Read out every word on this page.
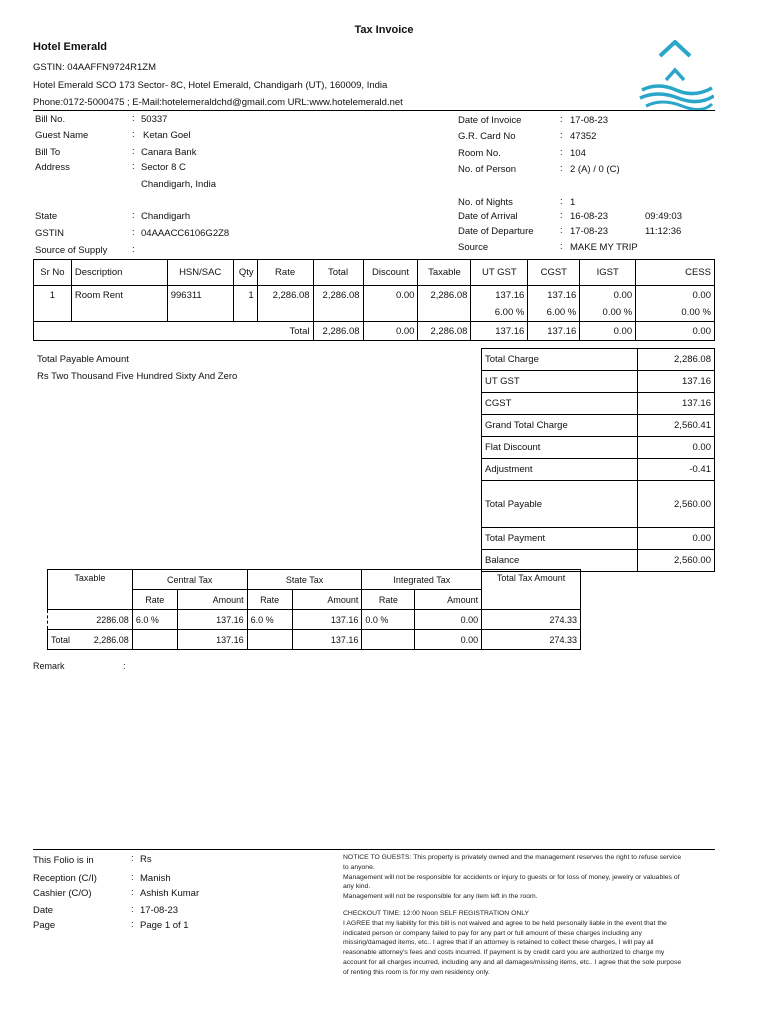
Tax Invoice
Hotel Emerald
GSTIN: 04AAFFN9724R1ZM
Hotel Emerald SCO 173 Sector- 8C, Hotel Emerald, Chandigarh (UT), 160009, India
Phone:0172-5000475 ; E-Mail:hotelemeraldchd@gmail.com URL:www.hotelemerald.net
Bill No.	: 50337
Guest Name	: Ketan Goel
Bill To	: Canara Bank
Address	: Sector 8 C
Chandigarh, India
State	: Chandigarh
GSTIN	: 04AAACC6106G2Z8
Source of Supply	:
Date of Invoice	: 17-08-23
G.R. Card No	: 47352
Room No.	: 104
No. of Person	: 2 (A) / 0 (C)
No. of Nights	: 1
Date of Arrival	: 16-08-23	09:49:03
Date of Departure	: 17-08-23	11:12:36
Source	: MAKE MY TRIP
Sr No	Description	HSN/SAC	Qty	Rate	Total	Discount	Taxable	UT GST	CGST	IGST	CESS
1	Room Rent	996311	1	2,286.08	2,286.08	0.00	2,286.08	137.16	137.16	0.00	0.00
								6.00 %	6.00 %	0.00 %	0.00 %
Total					2,286.08	0.00	2,286.08	137.16	137.16	0.00	0.00
Total Payable Amount
Rs Two Thousand Five Hundred Sixty And Zero
Total Charge	2,286.08
UT GST	137.16
CGST	137.16
Grand Total Charge	2,560.41
Flat Discount	0.00
Adjustment	-0.41
Total Payable	2,560.00
Total Payment	0.00
Balance	2,560.00
Taxable	Central Tax		State Tax		Integrated Tax		Total Tax Amount
	Rate	Amount	Rate	Amount	Rate	Amount	
2286.08	6.0 %	137.16	6.0 %	137.16	0.0 %	0.00	274.33
Total 2,286.08		137.16		137.16		0.00	274.33
Remark	:
This Folio is in	: Rs
Reception (C/I)	: Manish
Cashier (C/O)	: Ashish Kumar
Date	: 17-08-23
Page	: Page 1 of 1

NOTICE TO GUESTS: This property is privately owned and the management reserves the right to refuse service to anyone.

Management will not be responsible for accidents or injury to guests or for loss of money, jewelry or valuables of any kind.

Management will not be responsible for any item left in the room.

CHECKOUT TIME: 12:00 Noon SELF REGISTRATION ONLY

I AGREE that my liability for this bill is not waived and agree to be held personally liable in the event that the indicated person or company failed to pay for any part or full amount of these charges including any missing/damaged items, etc.. I agree that if an attorney is retained to collect these charges, I will pay all reasonable attorney's fees and costs incurred. If payment is by credit card you are authorized to charge my account for all charges incurred, including any and all damages/missing items, etc.. I agree that the sole purpose of renting this room is for my own residency only.
